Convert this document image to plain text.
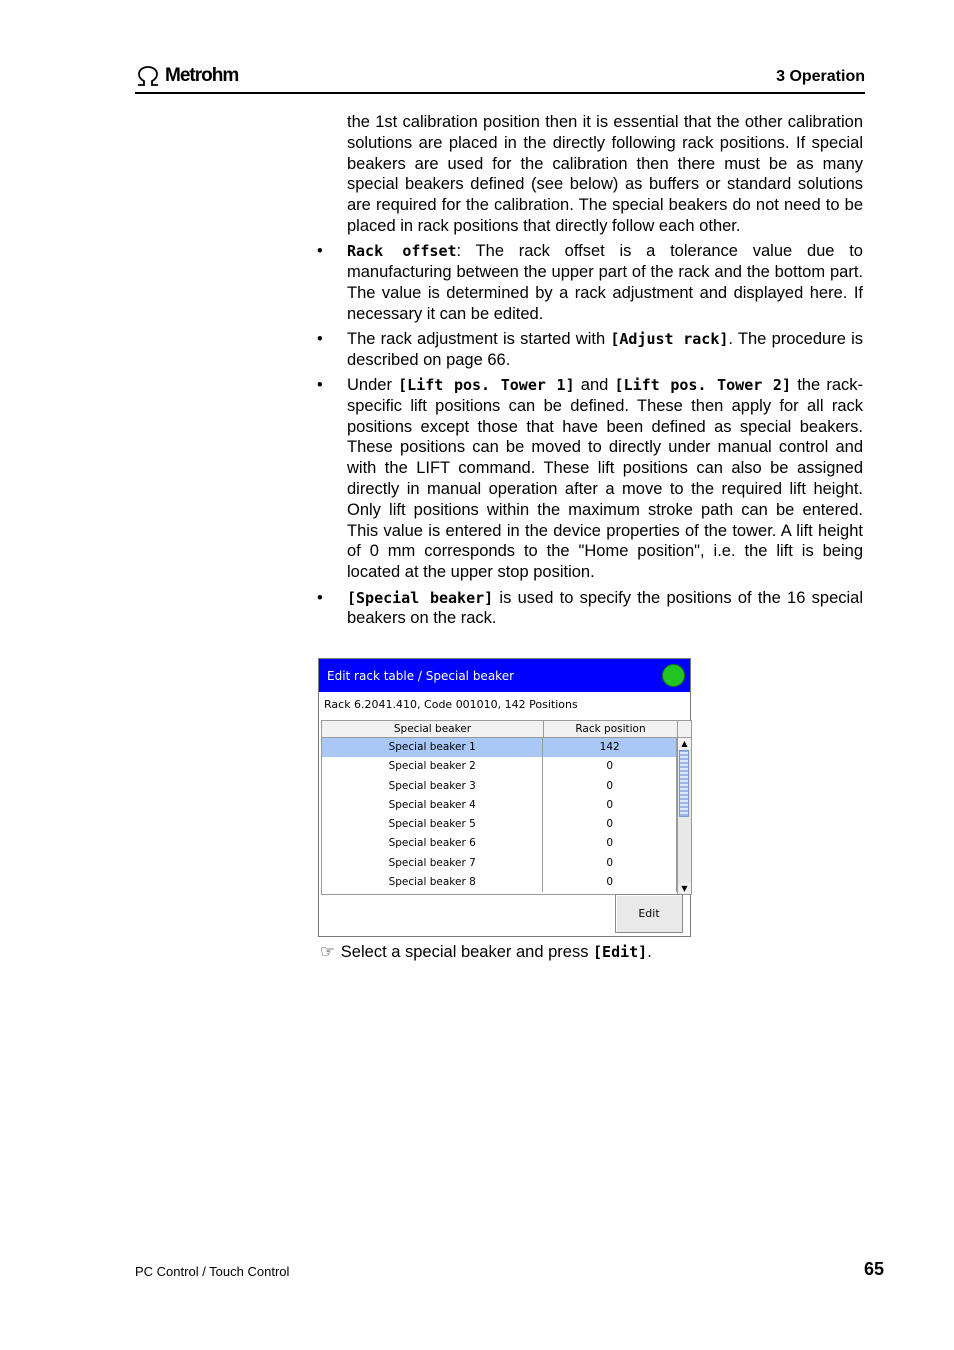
Metrohm	3 Operation

the 1st calibration position then it is essential that the other calibration solutions are placed in the directly following rack positions. If special beakers are used for the calibration then there must be as many special beakers defined (see below) as buffers or standard solutions are required for the calibration. The special beakers do not need to be placed in rack positions that directly follow each other.

• Rack offset: The rack offset is a tolerance value due to manufacturing between the upper part of the rack and the bottom part. The value is determined by a rack adjustment and displayed here. If necessary it can be edited.
• The rack adjustment is started with [Adjust rack]. The procedure is described on page 66.
• Under [Lift pos. Tower 1] and [Lift pos. Tower 2] the rack-specific lift positions can be defined. These then apply for all rack positions except those that have been defined as special beakers. These positions can be moved to directly under manual control and with the LIFT command. These lift positions can also be assigned directly in manual operation after a move to the required lift height. Only lift positions within the maximum stroke path can be entered. This value is entered in the device properties of the tower. A lift height of 0 mm corresponds to the "Home position", i.e. the lift is being located at the upper stop position.
• [Special beaker] is used to specify the positions of the 16 special beakers on the rack.
Edit rack table / Special beaker
Rack 6.2041.410, Code 001010, 142 Positions
Special beaker	Rack position
Special beaker 1	142
Special beaker 2	0
Special beaker 3	0
Special beaker 4	0
Special beaker 5	0
Special beaker 6	0
Special beaker 7	0
Special beaker 8	0
▲
▼
Edit
☞ Select a special beaker and press [Edit].
PC Control / Touch Control	65
